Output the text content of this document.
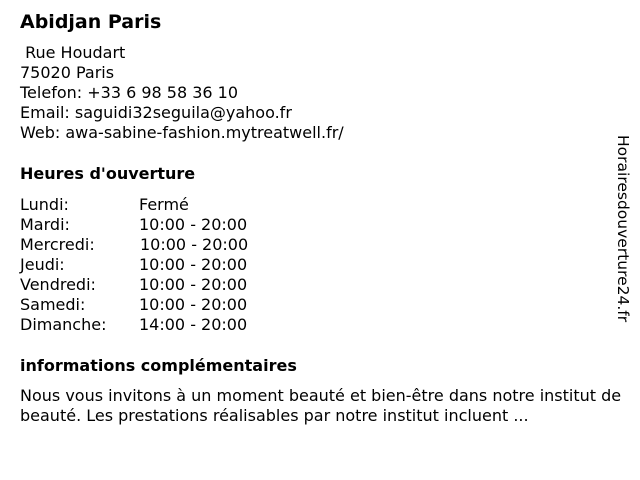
Abidjan Paris
Rue Houdart
75020 Paris
Telefon: +33 6 98 58 36 10
Email: saguidi32seguila@yahoo.fr
Web: awa-sabine-fashion.mytreatwell.fr/
Heures d'ouverture
Lundi:	Fermé
Mardi:	10:00 - 20:00
Mercredi:	10:00 - 20:00
Jeudi:	10:00 - 20:00
Vendredi:	10:00 - 20:00
Samedi:	10:00 - 20:00
Dimanche:	14:00 - 20:00
informations complémentaires
Nous vous invitons à un moment beauté et bien-être dans notre institut de beauté. Les prestations réalisables par notre institut incluent ...
Horairesdouverture24.fr
